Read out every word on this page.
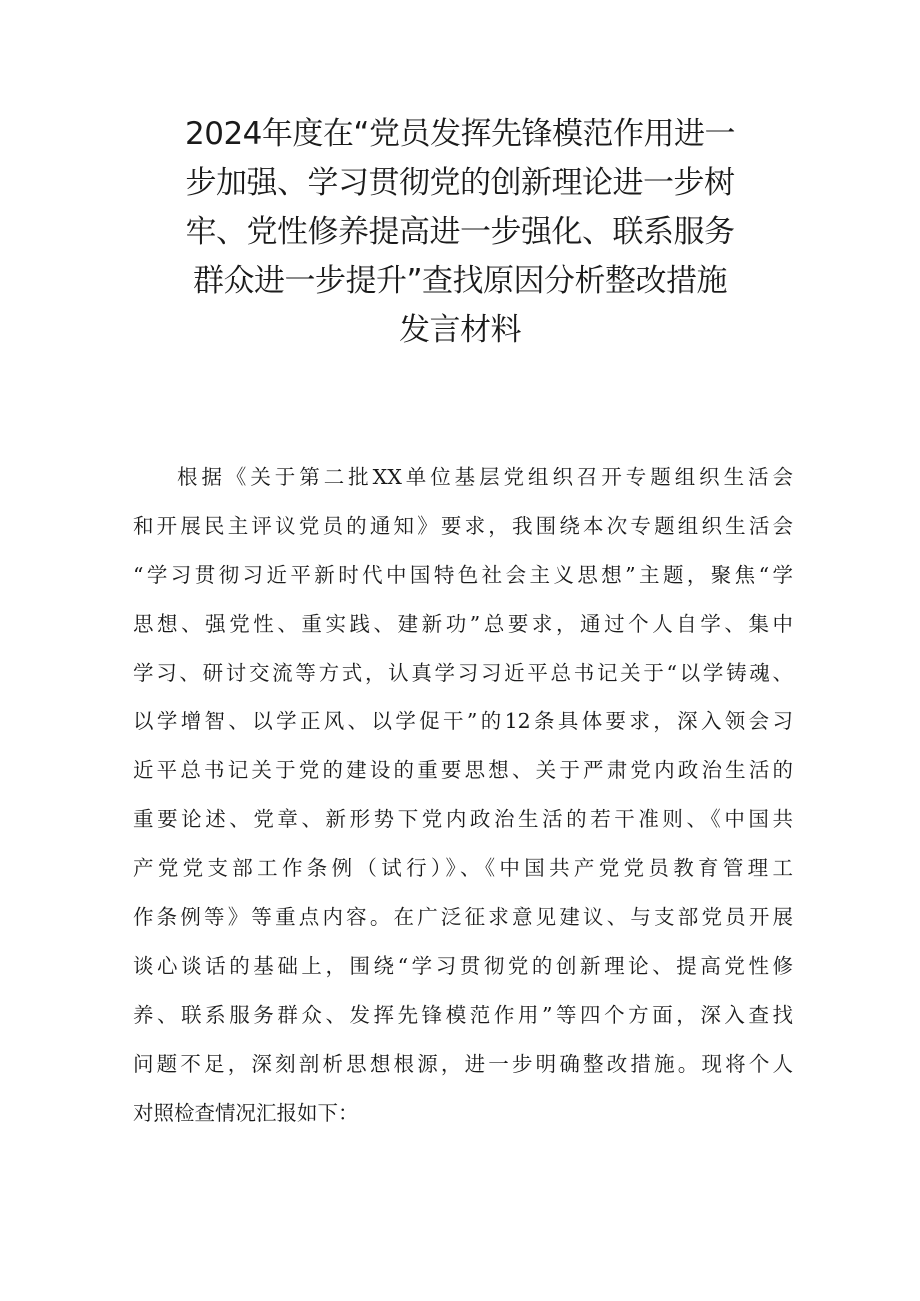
2024年度在“党员发挥先锋模范作用进一
步加强、学习贯彻党的创新理论进一步树
牢、党性修养提高进一步强化、联系服务
群众进一步提升”查找原因分析整改措施
发言材料
根据《关于第二批XX单位基层党组织召开专题组织生活会
和开展民主评议党员的通知》要求，我围绕本次专题组织生活会
“学习贯彻习近平新时代中国特色社会主义思想”主题，聚焦“学
思想、强党性、重实践、建新功”总要求，通过个人自学、集中
学习、研讨交流等方式，认真学习习近平总书记关于“以学铸魂、
以学增智、以学正风、以学促干”的12条具体要求，深入领会习
近平总书记关于党的建设的重要思想、关于严肃党内政治生活的
重要论述、党章、新形势下党内政治生活的若干准则、《中国共
产党党支部工作条例（试行）》、《中国共产党党员教育管理工
作条例等》等重点内容。在广泛征求意见建议、与支部党员开展
谈心谈话的基础上，围绕“学习贯彻党的创新理论、提高党性修
养、联系服务群众、发挥先锋模范作用”等四个方面，深入查找
问题不足，深刻剖析思想根源，进一步明确整改措施。现将个人
对照检查情况汇报如下：
